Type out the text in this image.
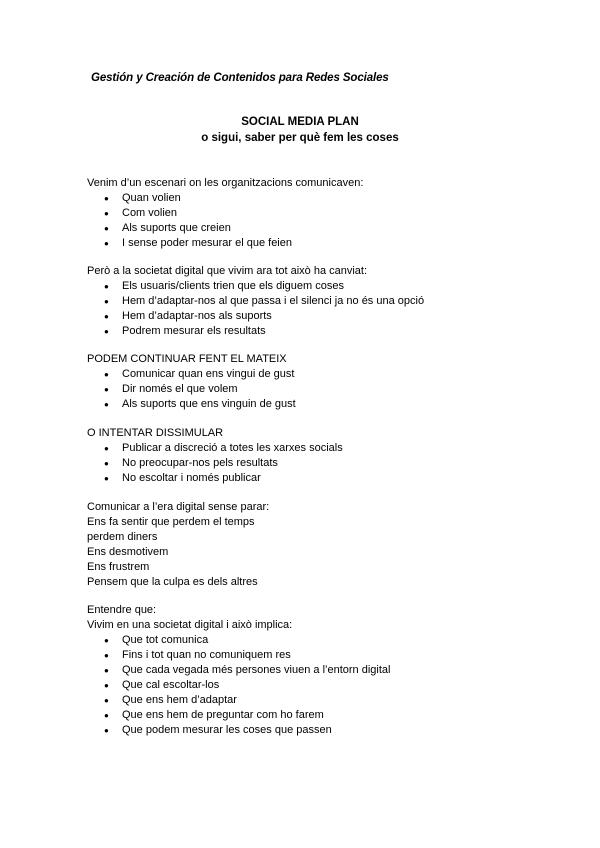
Gestión y Creación de Contenidos para Redes Sociales
SOCIAL MEDIA PLAN
o sigui, saber per què fem les coses
Venim d’un escenari on les organitzacions comunicaven:
● Quan volien
● Com volien
● Als suports que creien
● I sense poder mesurar el que feien
Però a la societat digital que vivim ara tot això ha canviat:
● Els usuaris/clients trien que els diguem coses
● Hem d’adaptar-nos al que passa i el silenci ja no és una opció
● Hem d’adaptar-nos als suports
● Podrem mesurar els resultats
PODEM CONTINUAR FENT EL MATEIX
● Comunicar quan ens vingui de gust
● Dir només el que volem
● Als suports que ens vinguin de gust
O INTENTAR DISSIMULAR
● Publicar a discreció a totes les xarxes socials
● No preocupar-nos pels resultats
● No escoltar i només publicar
Comunicar a l’era digital sense parar:
Ens fa sentir que perdem el temps
perdem diners
Ens desmotivem
Ens frustrem
Pensem que la culpa es dels altres
Entendre que:
Vivim en una societat digital i això implica:
● Que tot comunica
● Fins i tot quan no comuniquem res
● Que cada vegada més persones viuen a l’entorn digital
● Que cal escoltar-los
● Que ens hem d’adaptar
● Que ens hem de preguntar com ho farem
● Que podem mesurar les coses que passen
